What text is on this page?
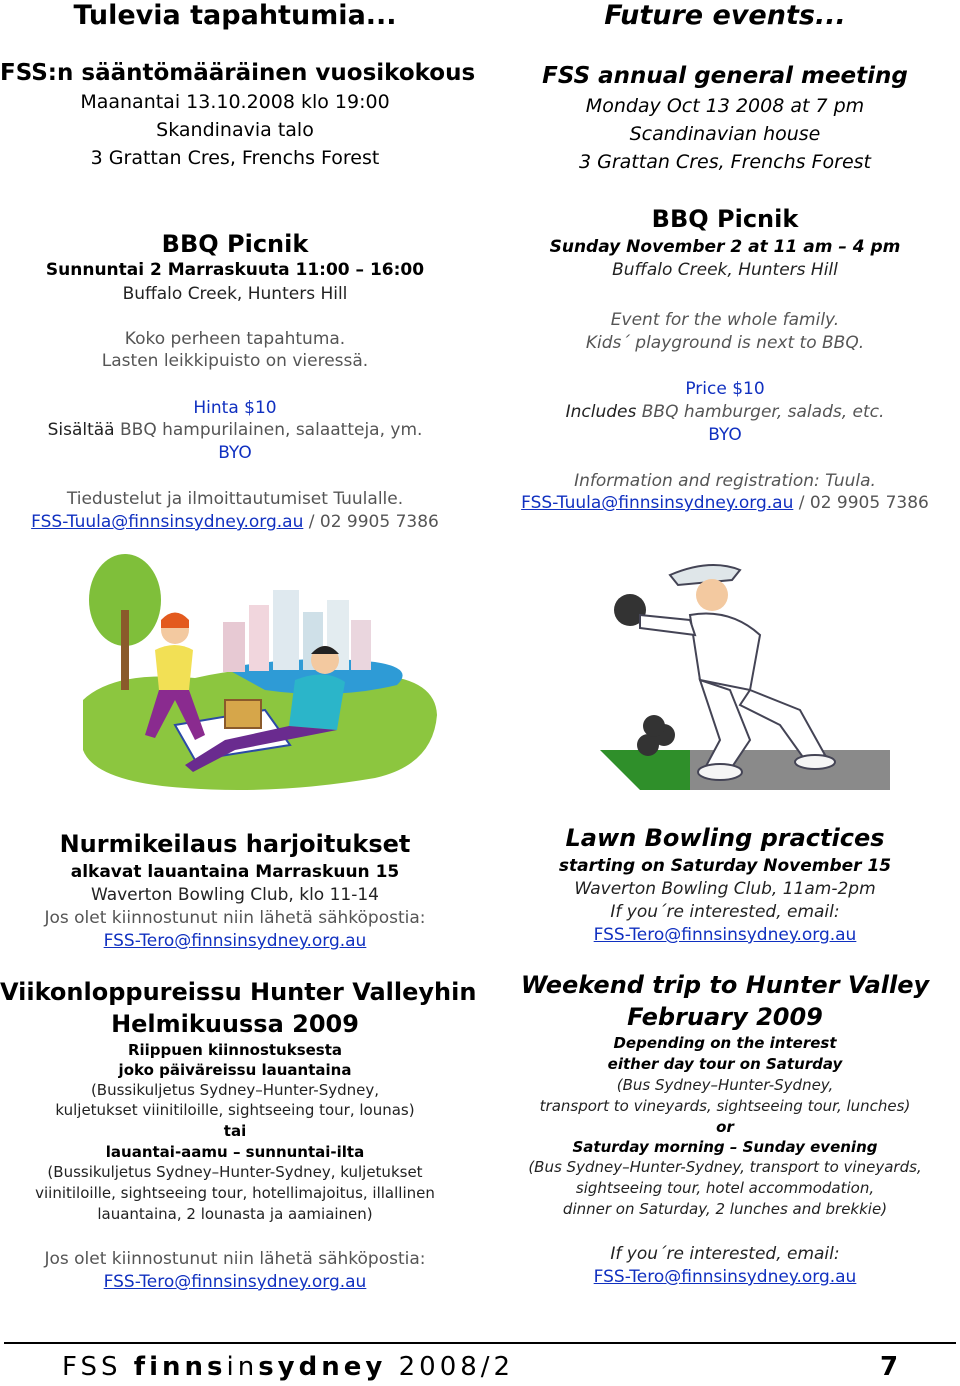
Tulevia tapahtumia...
FSS:n sääntömääräinen vuosikokous
Maanantai 13.10.2008 klo 19:00
Skandinavia talo
3 Grattan Cres, Frenchs Forest
BBQ Picnik
Sunnuntai 2 Marraskuuta 11:00 – 16:00
Buffalo Creek, Hunters Hill
Koko perheen tapahtuma.
Lasten leikkipuisto on vieressä.
Hinta $10
Sisältää BBQ hampurilainen, salaatteja, ym.
BYO
Tiedustelut ja ilmoittautumiset Tuulalle.
FSS-Tuula@finnsinsydney.org.au / 02 9905 7386
Nurmikeilaus harjoitukset
alkavat lauantaina Marraskuun 15
Waverton Bowling Club, klo 11-14
Jos olet kiinnostunut niin lähetä sähköpostia:
FSS-Tero@finnsinsydney.org.au
Viikonloppureissu Hunter Valleyhin
Helmikuussa 2009
Riippuen kiinnostuksesta
joko päiväreissu lauantaina
(Bussikuljetus Sydney–Hunter-Sydney,
kuljetukset viinitiloille, sightseeing tour, lounas)
tai
lauantai-aamu – sunnuntai-ilta
(Bussikuljetus Sydney–Hunter-Sydney, kuljetukset
viinitiloille, sightseeing tour, hotellimajoitus, illallinen
lauantaina, 2 lounasta ja aamiainen)
Jos olet kiinnostunut niin lähetä sähköpostia:
FSS-Tero@finnsinsydney.org.au
Future events...
FSS annual general meeting
Monday Oct 13 2008 at 7 pm
Scandinavian house
3 Grattan Cres, Frenchs Forest
BBQ Picnik
Sunday November 2 at 11 am – 4 pm
Buffalo Creek, Hunters Hill
Event for the whole family.
Kids´ playground is next to BBQ.
Price $10
Includes BBQ hamburger, salads, etc.
BYO
Information and registration: Tuula.
FSS-Tuula@finnsinsydney.org.au / 02 9905 7386
Lawn Bowling practices
starting on Saturday November 15
Waverton Bowling Club, 11am-2pm
If you´re interested, email:
FSS-Tero@finnsinsydney.org.au
Weekend trip to Hunter Valley
February 2009
Depending on the interest
either day tour on Saturday
(Bus Sydney–Hunter-Sydney,
transport to vineyards, sightseeing tour, lunches)
or
Saturday morning – Sunday evening
(Bus Sydney–Hunter-Sydney, transport to vineyards,
sightseeing tour, hotel accommodation,
dinner on Saturday, 2 lunches and brekkie)
If you´re interested, email:
FSS-Tero@finnsinsydney.org.au
FSS finnsinsydney 2008/2	7
